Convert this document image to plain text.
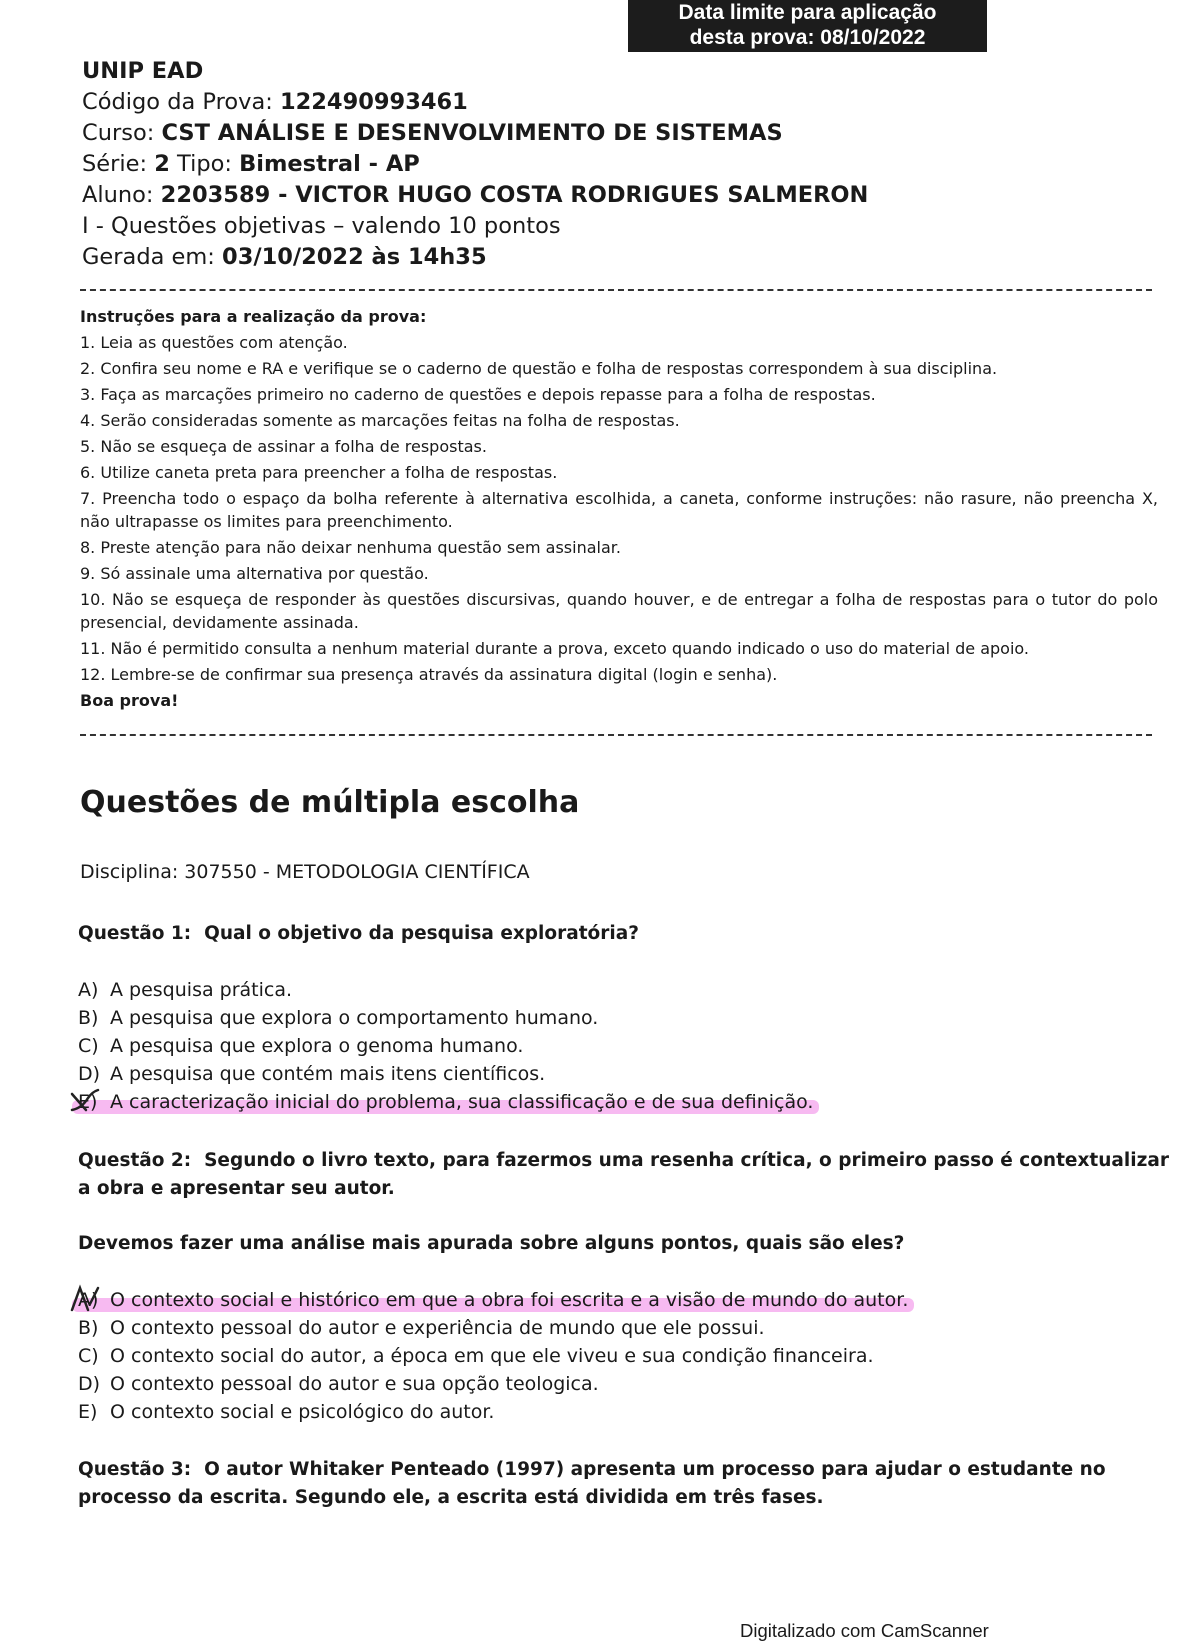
Data limite para aplicação
desta prova: 08/10/2022
UNIP EAD
Código da Prova: 122490993461
Curso: CST ANÁLISE E DESENVOLVIMENTO DE SISTEMAS
Série: 2 Tipo: Bimestral - AP
Aluno: 2203589 - VICTOR HUGO COSTA RODRIGUES SALMERON
I - Questões objetivas – valendo 10 pontos
Gerada em: 03/10/2022 às 14h35
Instruções para a realização da prova:
1. Leia as questões com atenção.
2. Confira seu nome e RA e verifique se o caderno de questão e folha de respostas correspondem à sua disciplina.
3. Faça as marcações primeiro no caderno de questões e depois repasse para a folha de respostas.
4. Serão consideradas somente as marcações feitas na folha de respostas.
5. Não se esqueça de assinar a folha de respostas.
6. Utilize caneta preta para preencher a folha de respostas.
7. Preencha todo o espaço da bolha referente à alternativa escolhida, a caneta, conforme instruções: não rasure, não preencha X, não ultrapasse os limites para preenchimento.
8. Preste atenção para não deixar nenhuma questão sem assinalar.
9. Só assinale uma alternativa por questão.
10. Não se esqueça de responder às questões discursivas, quando houver, e de entregar a folha de respostas para o tutor do polo presencial, devidamente assinada.
11. Não é permitido consulta a nenhum material durante a prova, exceto quando indicado o uso do material de apoio.
12. Lembre-se de confirmar sua presença através da assinatura digital (login e senha).
Boa prova!
Questões de múltipla escolha
Disciplina: 307550 - METODOLOGIA CIENTÍFICA
Questão 1: Qual o objetivo da pesquisa exploratória?
A) A pesquisa prática.
B) A pesquisa que explora o comportamento humano.
C) A pesquisa que explora o genoma humano.
D) A pesquisa que contém mais itens científicos.
E) A caracterização inicial do problema, sua classificação e de sua definição.
Questão 2: Segundo o livro texto, para fazermos uma resenha crítica, o primeiro passo é contextualizar a obra e apresentar seu autor.
Devemos fazer uma análise mais apurada sobre alguns pontos, quais são eles?
A) O contexto social e histórico em que a obra foi escrita e a visão de mundo do autor.
B) O contexto pessoal do autor e experiência de mundo que ele possui.
C) O contexto social do autor, a época em que ele viveu e sua condição financeira.
D) O contexto pessoal do autor e sua opção teologica.
E) O contexto social e psicológico do autor.
Questão 3: O autor Whitaker Penteado (1997) apresenta um processo para ajudar o estudante no processo da escrita. Segundo ele, a escrita está dividida em três fases.
Digitalizado com CamScanner
